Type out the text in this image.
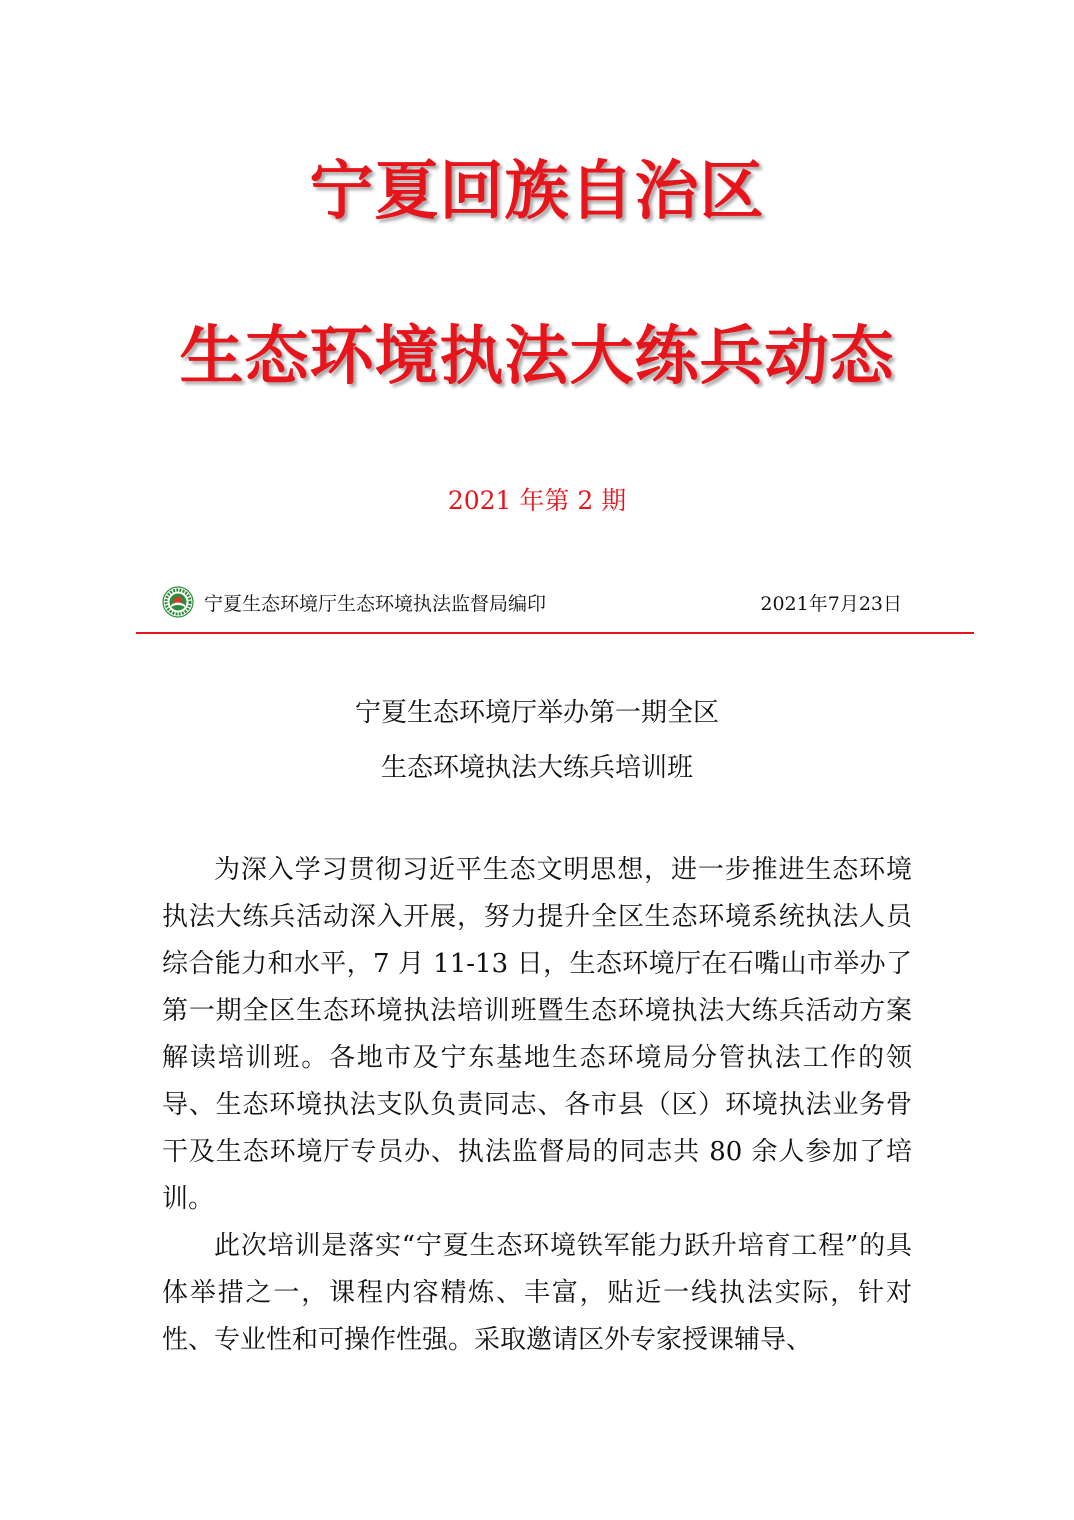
宁夏回族自治区
生态环境执法大练兵动态
2021 年第 2 期
宁夏生态环境厅生态环境执法监督局编印	2021年7月23日
宁夏生态环境厅举办第一期全区
生态环境执法大练兵培训班

为深入学习贯彻习近平生态文明思想，进一步推进生态环境执法大练兵活动深入开展，努力提升全区生态环境系统执法人员综合能力和水平，7 月 11-13 日，生态环境厅在石嘴山市举办了第一期全区生态环境执法培训班暨生态环境执法大练兵活动方案解读培训班。各地市及宁东基地生态环境局分管执法工作的领导、生态环境执法支队负责同志、各市县（区）环境执法业务骨干及生态环境厅专员办、执法监督局的同志共 80 余人参加了培训。

此次培训是落实“宁夏生态环境铁军能力跃升培育工程”的具体举措之一，课程内容精炼、丰富，贴近一线执法实际，针对性、专业性和可操作性强。采取邀请区外专家授课辅导、
